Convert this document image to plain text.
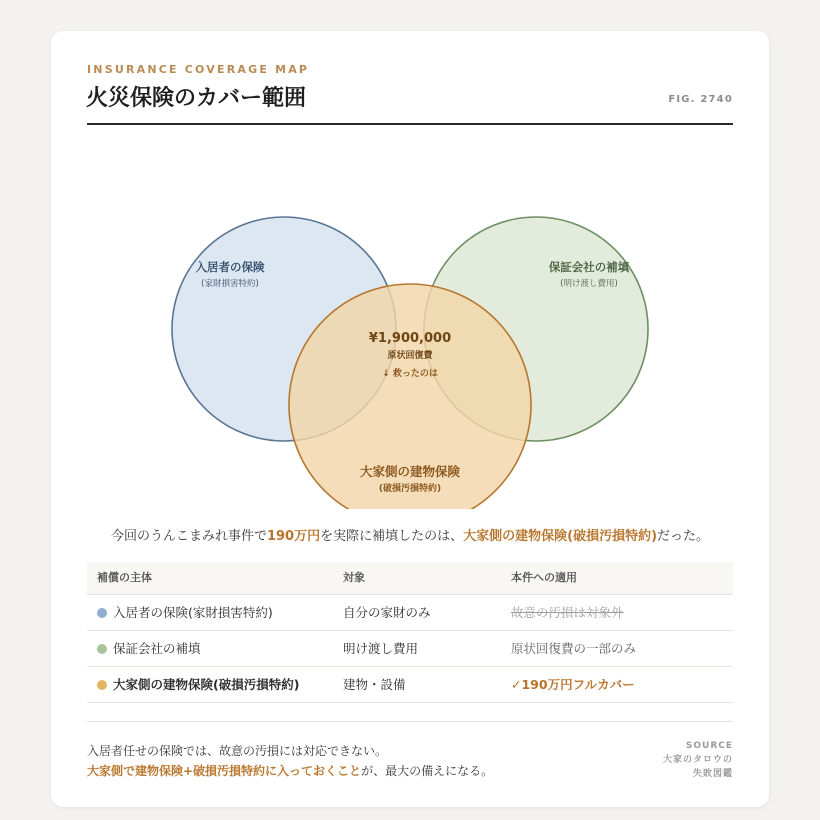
INSURANCE COVERAGE MAP
火災保険のカバー範囲	FIG. 2740
入居者の保険
(家財損害特約)
保証会社の補填
(明け渡し費用)
¥1,900,000
原状回復費
↓ 救ったのは
大家側の建物保険
(破損汚損特約)
今回のうんこまみれ事件で190万円を実際に補填したのは、大家側の建物保険(破損汚損特約)だった。
補償の主体	対象	本件への適用
入居者の保険(家財損害特約)	自分の家財のみ	故意の汚損は対象外
保証会社の補填	明け渡し費用	原状回復費の一部のみ
大家側の建物保険(破損汚損特約)	建物・設備	✓190万円フルカバー
入居者任せの保険では、故意の汚損には対応できない。
大家側で建物保険+破損汚損特約に入っておくことが、最大の備えになる。
SOURCE
大家のタロウの
失敗図鑑
